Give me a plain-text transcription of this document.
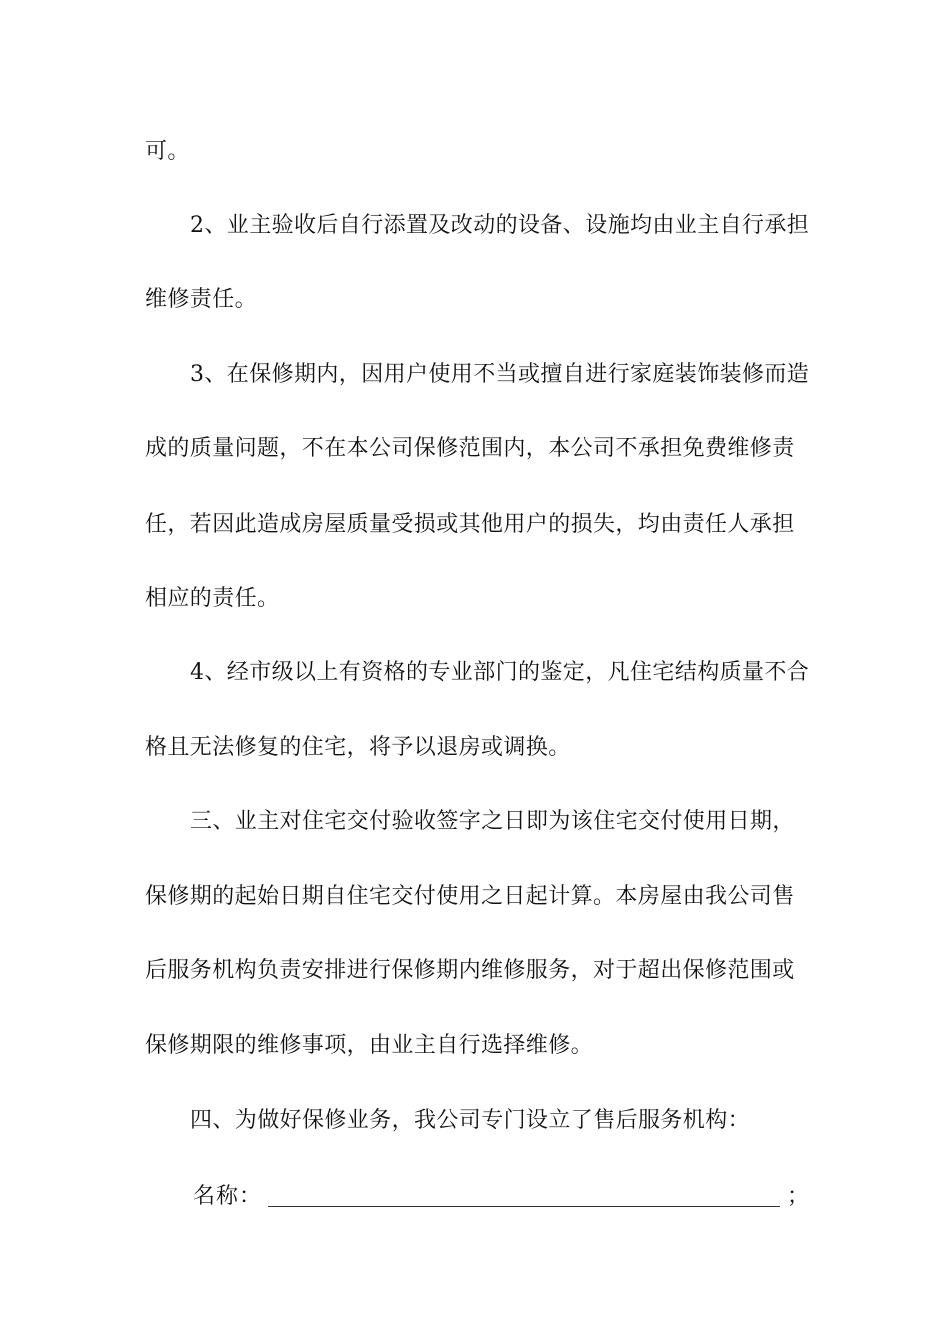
可。
2、业主验收后自行添置及改动的设备、设施均由业主自行承担
维修责任。
3、在保修期内，因用户使用不当或擅自进行家庭装饰装修而造
成的质量问题，不在本公司保修范围内，本公司不承担免费维修责
任，若因此造成房屋质量受损或其他用户的损失，均由责任人承担
相应的责任。
4、经市级以上有资格的专业部门的鉴定，凡住宅结构质量不合
格且无法修复的住宅，将予以退房或调换。
三、业主对住宅交付验收签字之日即为该住宅交付使用日期，
保修期的起始日期自住宅交付使用之日起计算。本房屋由我公司售
后服务机构负责安排进行保修期内维修服务，对于超出保修范围或
保修期限的维修事项，由业主自行选择维修。
四、为做好保修业务，我公司专门设立了售后服务机构：
名称：	；
